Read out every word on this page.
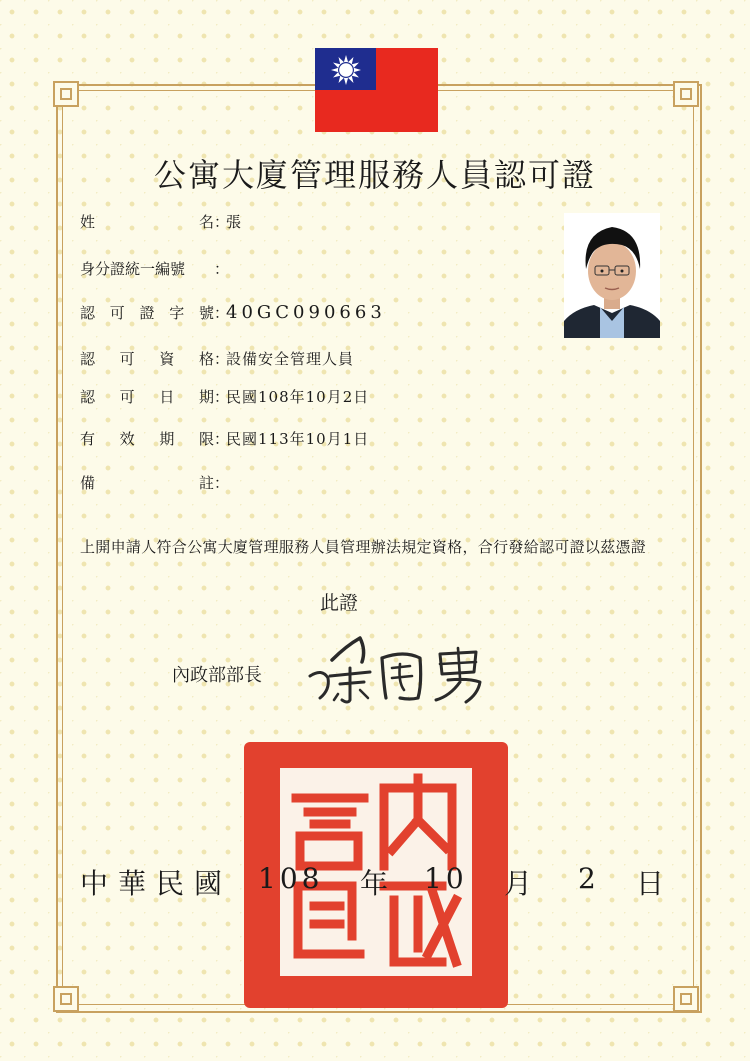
公寓大廈管理服務人員認可證
姓	名 ：
張
身分證統一編號 ：
認 可 證 字 號 ：
40GC090663
認 可 資 格 ：
設備安全管理人員
認 可 日 期 ：
民國108年10月2日
有 效 期 限 ：
民國113年10月1日
備	註 ：
上開申請人符合公寓大廈管理服務人員管理辦法規定資格，合行發給認可證以茲憑證
此證
內政部部長
中 華 民 國 108 年 10 月 2 日
